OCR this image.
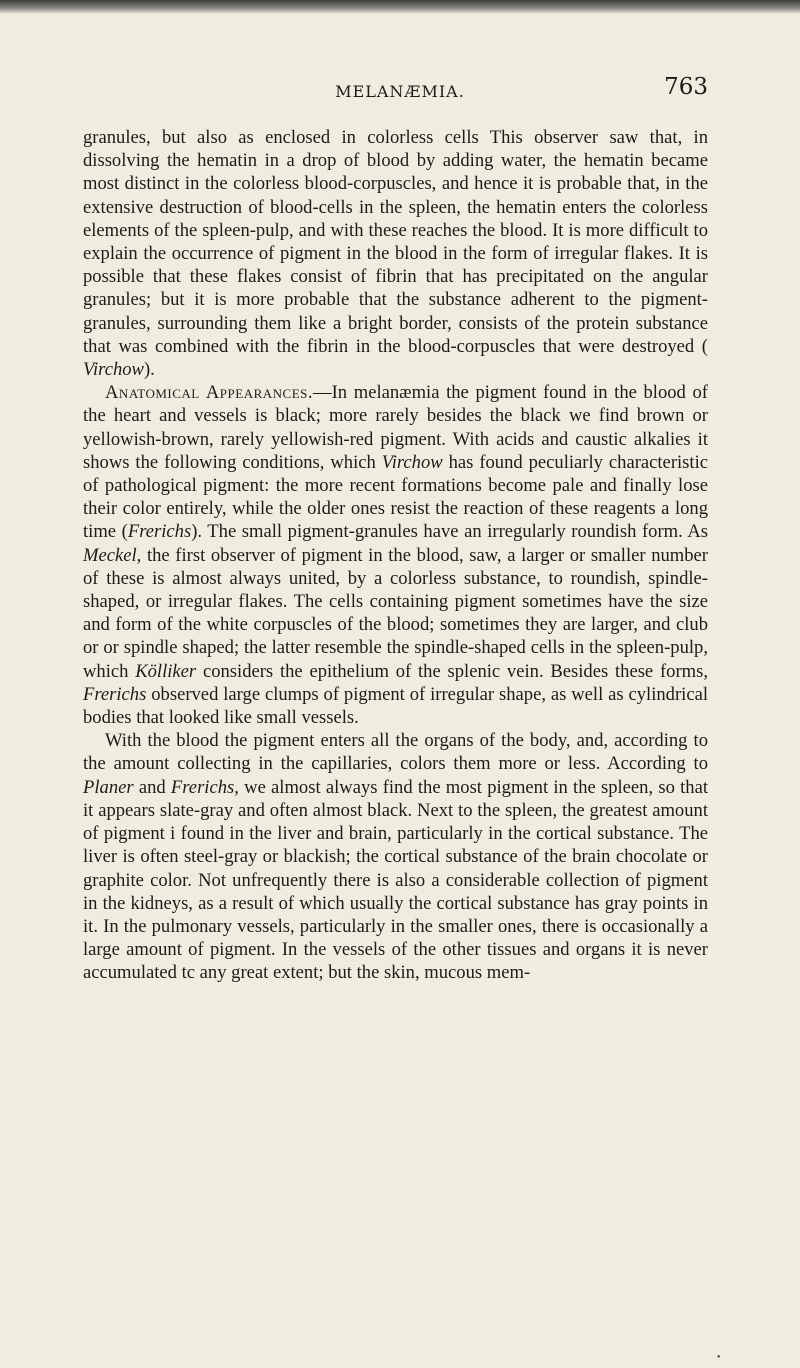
MELANÆMIA.	763

granules, but also as enclosed in colorless cells This observer saw that, in dissolving the hematin in a drop of blood by adding water, the hematin became most distinct in the colorless blood-corpuscles, and hence it is probable that, in the extensive destruction of blood-cells in the spleen, the hematin enters the colorless elements of the spleen-pulp, and with these reaches the blood. It is more difficult to explain the occurrence of pigment in the blood in the form of irregular flakes. It is possible that these flakes consist of fibrin that has precipitated on the angular granules; but it is more probable that the substance adherent to the pigment-granules, surrounding them like a bright border, consists of the protein substance that was combined with the fibrin in the blood-corpuscles that were destroyed ( Virchow).

Anatomical Appearances.—In melanæmia the pigment found in the blood of the heart and vessels is black; more rarely besides the black we find brown or yellowish-brown, rarely yellowish-red pigment. With acids and caustic alkalies it shows the following conditions, which Virchow has found peculiarly characteristic of pathological pigment: the more recent formations become pale and finally lose their color entirely, while the older ones resist the reaction of these reagents a long time (Frerichs). The small pigment-granules have an irregularly roundish form. As Meckel, the first observer of pigment in the blood, saw, a larger or smaller number of these is almost always united, by a colorless substance, to roundish, spindle-shaped, or irregular flakes. The cells containing pigment sometimes have the size and form of the white corpuscles of the blood; sometimes they are larger, and club or or spindle shaped; the latter resemble the spindle-shaped cells in the spleen-pulp, which Kölliker considers the epithelium of the splenic vein. Besides these forms, Frerichs observed large clumps of pigment of irregular shape, as well as cylindrical bodies that looked like small vessels.

With the blood the pigment enters all the organs of the body, and, according to the amount collecting in the capillaries, colors them more or less. According to Planer and Frerichs, we almost always find the most pigment in the spleen, so that it appears slate-gray and often almost black. Next to the spleen, the greatest amount of pigment i found in the liver and brain, particularly in the cortical substance. The liver is often steel-gray or blackish; the cortical substance of the brain chocolate or graphite color. Not unfrequently there is also a considerable collection of pigment in the kidneys, as a result of which usually the cortical substance has gray points in it. In the pulmonary vessels, particularly in the smaller ones, there is occasionally a large amount of pigment. In the vessels of the other tissues and organs it is never accumulated tc any great extent; but the skin, mucous mem-

•
